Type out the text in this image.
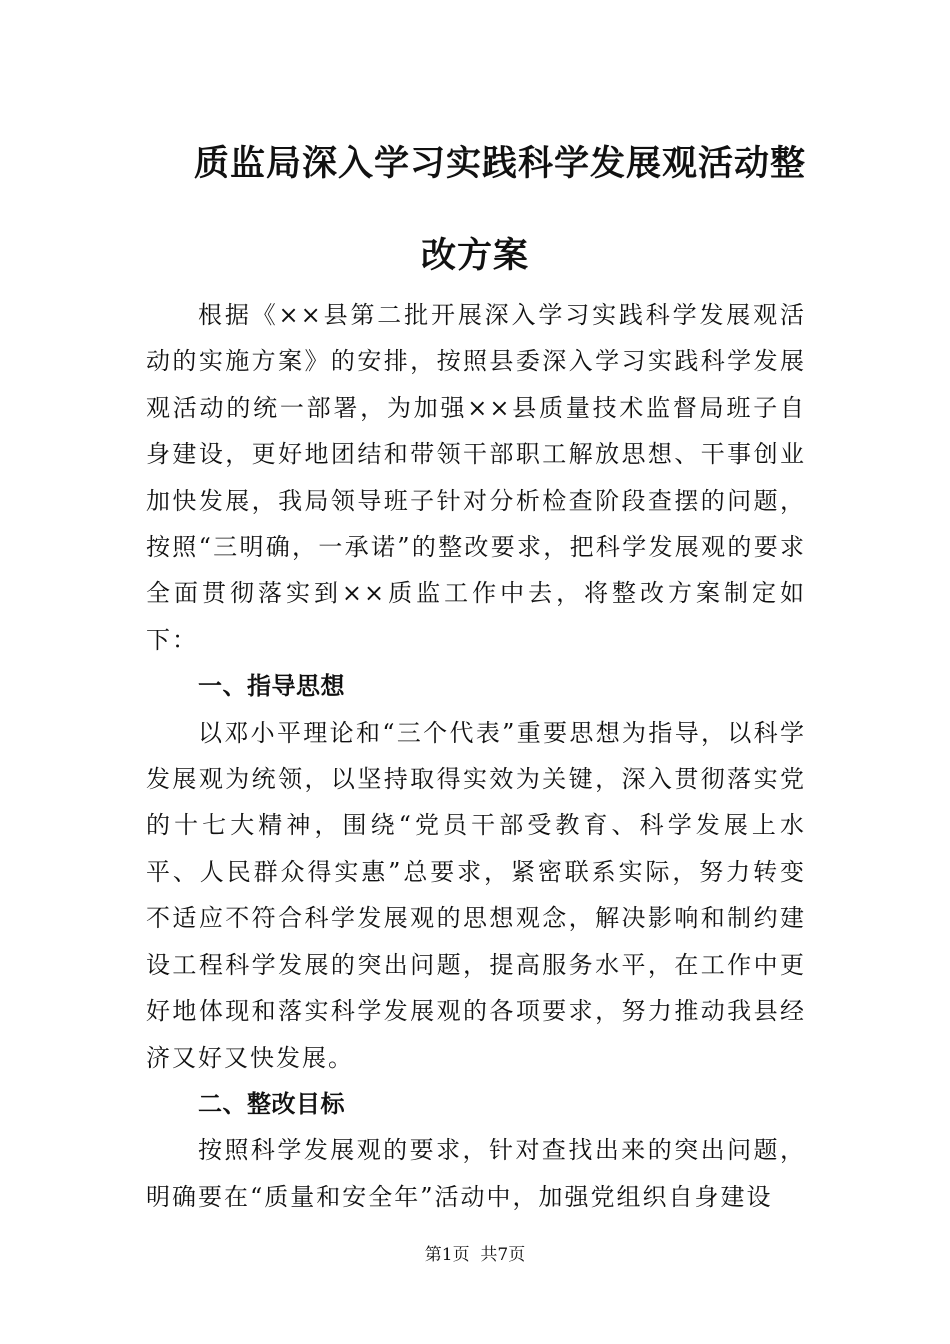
质监局深入学习实践科学发展观活动整
改方案

根据《××县第二批开展深入学习实践科学发展观活动的实施方案》的安排，按照县委深入学习实践科学发展观活动的统一部署，为加强××县质量技术监督局班子自身建设，更好地团结和带领干部职工解放思想、干事创业加快发展，我局领导班子针对分析检查阶段查摆的问题，按照“三明确，一承诺”的整改要求，把科学发展观的要求全面贯彻落实到××质监工作中去，将整改方案制定如下：

一、指导思想

以邓小平理论和“三个代表”重要思想为指导，以科学发展观为统领，以坚持取得实效为关键，深入贯彻落实党的十七大精神，围绕“党员干部受教育、科学发展上水平、人民群众得实惠”总要求，紧密联系实际，努力转变不适应不符合科学发展观的思想观念，解决影响和制约建设工程科学发展的突出问题，提高服务水平，在工作中更好地体现和落实科学发展观的各项要求，努力推动我县经济又好又快发展。

二、整改目标

按照科学发展观的要求，针对查找出来的突出问题，明确要在“质量和安全年”活动中，加强党组织自身建设

第1页  共7页
